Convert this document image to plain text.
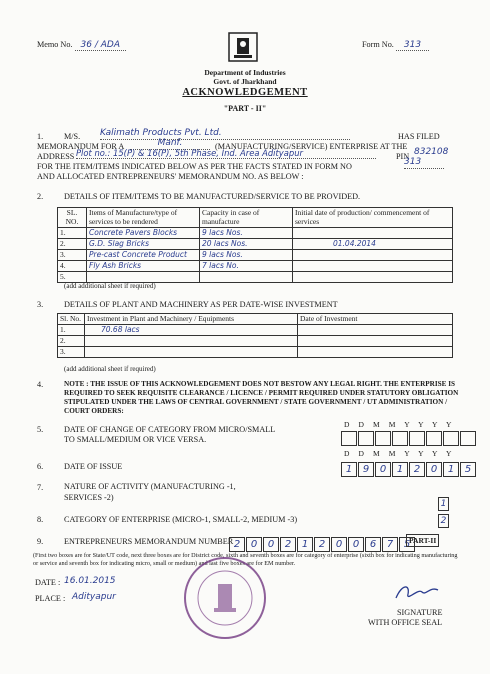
Memo No. 36 / ADA	Form No. 313
Department of Industries
Govt. of Jharkhand
ACKNOWLEDGEMENT
"PART - II"
1.	M/S. Kalimath Products Pvt. Ltd.	HAS FILED
MEMORANDUM FOR A	Manf.	(MANUFACTURING/SERVICE) ENTERPRISE AT THE
ADDRESS Plot no.: 15(P) & 16(P), 5th Phase, Ind. Area Adityapur	PIN 832108
FOR THE ITEM/ITEMS INDICATED BELOW AS PER THE FACTS STATED IN FORM NO	313
AND ALLOCATED ENTREPRENEURS' MEMORANDUM NO. AS BELOW :
2.	DETAILS OF ITEM/ITEMS TO BE MANUFACTURED/SERVICE TO BE PROVIDED.
SL. NO.	Items of Manufacture/type of services to be rendered	Capacity in case of manufacture	Initial date of production/ commencement of services
1.	Concrete Pavers Blocks	9 lacs Nos.	
2.	G.D. Slag Bricks	20 lacs Nos.	01.04.2014
3.	Pre-cast Concrete Product	9 lacs Nos.	
4.	Fly Ash Bricks	7 lacs No.	
5.			
(add additional sheet if required)
3.	DETAILS OF PLANT AND MACHINERY AS PER DATE-WISE INVESTMENT
Sl. No.	Investment in Plant and Machinery / Equipments	Date of Investment
1.	70.68 lacs	
2.		
3.		
(add additional sheet if required)
4.	NOTE : THE ISSUE OF THIS ACKNOWLEDGEMENT DOES NOT BESTOW ANY LEGAL RIGHT. THE ENTERPRISE IS REQUIRED TO SEEK REQUISITE CLEARANCE / LICENCE / PERMIT REQUIRED UNDER STATUTORY OBLIGATION STIPULATED UNDER THE LAWS OF CENTRAL GOVERNMENT / STATE GOVERNMENT / UT ADMINISTRATION / COURT ORDERS:
5.	DATE OF CHANGE OF CATEGORY FROM MICRO/SMALL TO SMALL/MEDIUM OR VICE VERSA.
D D M M Y Y Y Y
6.	DATE OF ISSUE
D D M M Y Y Y Y
1 9 0 1 2 0 1 5
7.	NATURE OF ACTIVITY (MANUFACTURING -1, SERVICES -2)
1
8.	CATEGORY OF ENTERPRISE (MICRO-1, SMALL-2, MEDIUM -3)	2
9.	ENTREPRENEURS MEMORANDUM NUMBER 2 0 0 2 1 2 0 0 6 7 5
PART-II
(First two boxes are for State/UT code, next three boxes are for District code, sixth and seventh boxes are for category of enterprise (sixth box for indicating manufacturing or service and seventh box for indicating micro, small or medium) and last five boxes are for EM number.
DATE : 16.01.2015
PLACE : Adityapur
SIGNATURE
WITH OFFICE SEAL
